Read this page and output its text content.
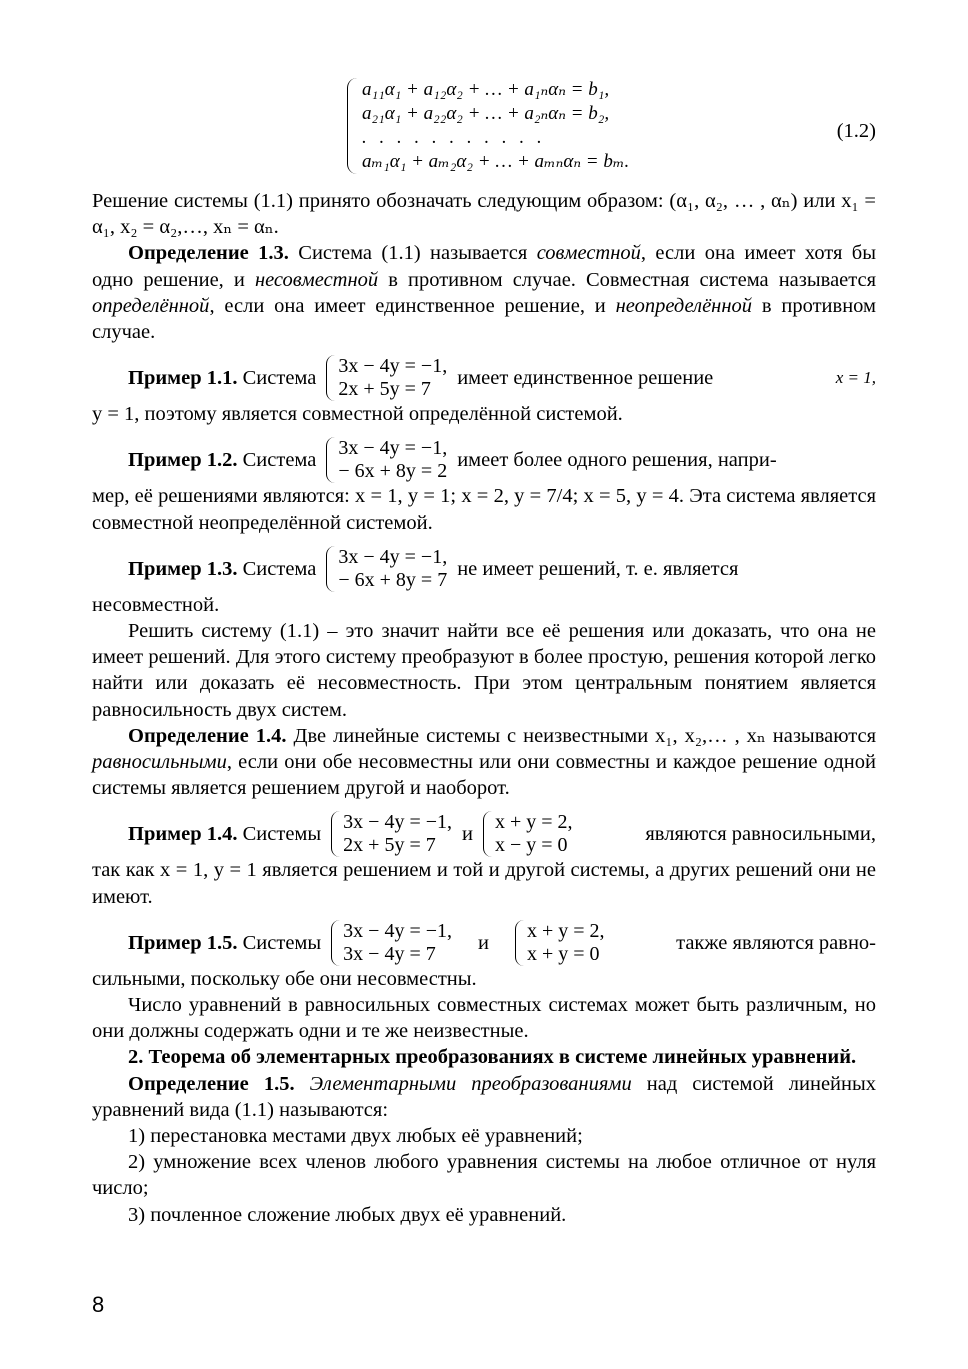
a₁₁α₁ + a₁₂α₂ + … + a₁ₙαₙ = b₁,
a₂₁α₁ + a₂₂α₂ + … + a₂ₙαₙ = b₂,
. . . . . . . . . . .
aₘ₁α₁ + aₘ₂α₂ + … + aₘₙαₙ = bₘ.
(1.2)

Решение системы (1.1) принято обозначать следующим образом: (α₁, α₂, … , αₙ) или x₁ = α₁, x₂ = α₂,…, xₙ = αₙ.

Определение 1.3. Система (1.1) называется совместной, если она имеет хотя бы одно решение, и несовместной в противном случае. Совместная система называется определённой, если она имеет единственное решение, и неопределённой в противном случае.

Пример 1.1. Система
3x − 4y = −1,
2x + 5y = 7
имеет единственное решение	x = 1,

y = 1, поэтому является совместной определённой системой.

Пример 1.2. Система
3x − 4y = −1,
− 6x + 8y = 2
имеет более одного решения, напри-

мер, её решениями являются: x = 1, y = 1; x = 2, y = 7/4; x = 5, y = 4. Эта система является совместной неопределённой системой.

Пример 1.3. Система
3x − 4y = −1,
− 6x + 8y = 7
не имеет решений, т. е. является

несовместной.

Решить систему (1.1) – это значит найти все её решения или доказать, что она не имеет решений. Для этого систему преобразуют в более простую, решения которой легко найти или доказать её несовместность. При этом центральным понятием является равносильность двух систем.

Определение 1.4. Две линейные системы с неизвестными x₁, x₂,… , xₙ называются равносильными, если они обе несовместны или они совместны и каждое решение одной системы является решением другой и наоборот.

Пример 1.4. Системы
3x − 4y = −1,
2x + 5y = 7
и
x + y = 2,
x − y = 0
являются равносильными,

так как x = 1, y = 1 является решением и той и другой системы, а других решений они не имеют.

Пример 1.5. Системы
3x − 4y = −1,
3x − 4y = 7
и
x + y = 2,
x + y = 0
также являются равно-

сильными, поскольку обе они несовместны.

Число уравнений в равносильных совместных системах может быть различным, но они должны содержать одни и те же неизвестные.

2. Теорема об элементарных преобразованиях в системе линейных уравнений.

Определение 1.5. Элементарными преобразованиями над системой линейных уравнений вида (1.1) называются:

1) перестановка местами двух любых её уравнений;

2) умножение всех членов любого уравнения системы на любое отличное от нуля число;

3) почленное сложение любых двух её уравнений.

8
